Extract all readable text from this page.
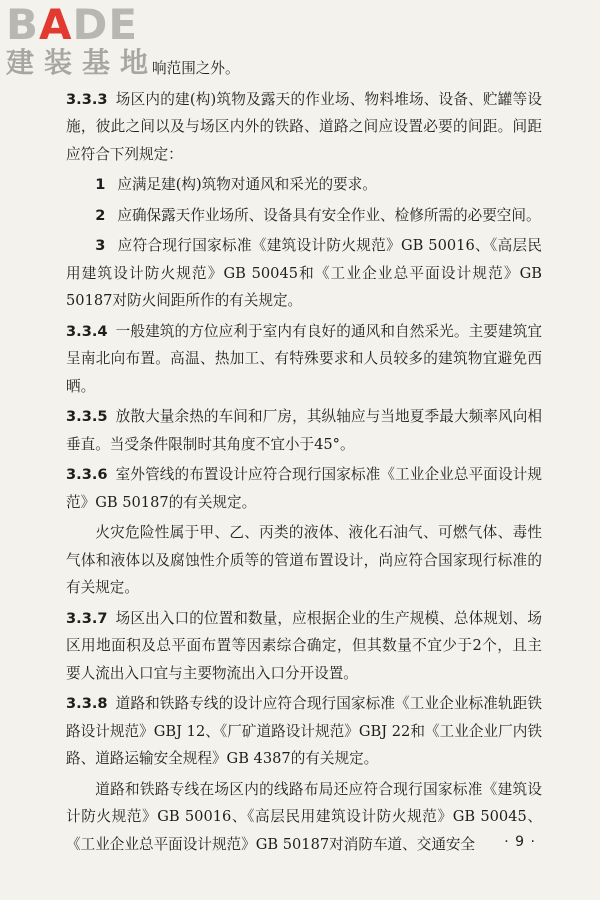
BADE
建装基地

响范围之外。

3.3.3 场区内的建(构)筑物及露天的作业场、物料堆场、设备、贮罐等设施，彼此之间以及与场区内外的铁路、道路之间应设置必要的间距。间距应符合下列规定：

1 应满足建(构)筑物对通风和采光的要求。

2 应确保露天作业场所、设备具有安全作业、检修所需的必要空间。

3 应符合现行国家标准《建筑设计防火规范》GB 50016、《高层民用建筑设计防火规范》GB 50045和《工业企业总平面设计规范》GB 50187对防火间距所作的有关规定。

3.3.4 一般建筑的方位应利于室内有良好的通风和自然采光。主要建筑宜呈南北向布置。高温、热加工、有特殊要求和人员较多的建筑物宜避免西晒。

3.3.5 放散大量余热的车间和厂房，其纵轴应与当地夏季最大频率风向相垂直。当受条件限制时其角度不宜小于45°。

3.3.6 室外管线的布置设计应符合现行国家标准《工业企业总平面设计规范》GB 50187的有关规定。

火灾危险性属于甲、乙、丙类的液体、液化石油气、可燃气体、毒性气体和液体以及腐蚀性介质等的管道布置设计，尚应符合国家现行标准的有关规定。

3.3.7 场区出入口的位置和数量，应根据企业的生产规模、总体规划、场区用地面积及总平面布置等因素综合确定，但其数量不宜少于2个，且主要人流出入口宜与主要物流出入口分开设置。

3.3.8 道路和铁路专线的设计应符合现行国家标准《工业企业标准轨距铁路设计规范》GBJ 12、《厂矿道路设计规范》GBJ 22和《工业企业厂内铁路、道路运输安全规程》GB 4387的有关规定。

道路和铁路专线在场区内的线路布局还应符合现行国家标准《建筑设计防火规范》GB 50016、《高层民用建筑设计防火规范》GB 50045、《工业企业总平面设计规范》GB 50187对消防车道、交通安全	· 9 ·
